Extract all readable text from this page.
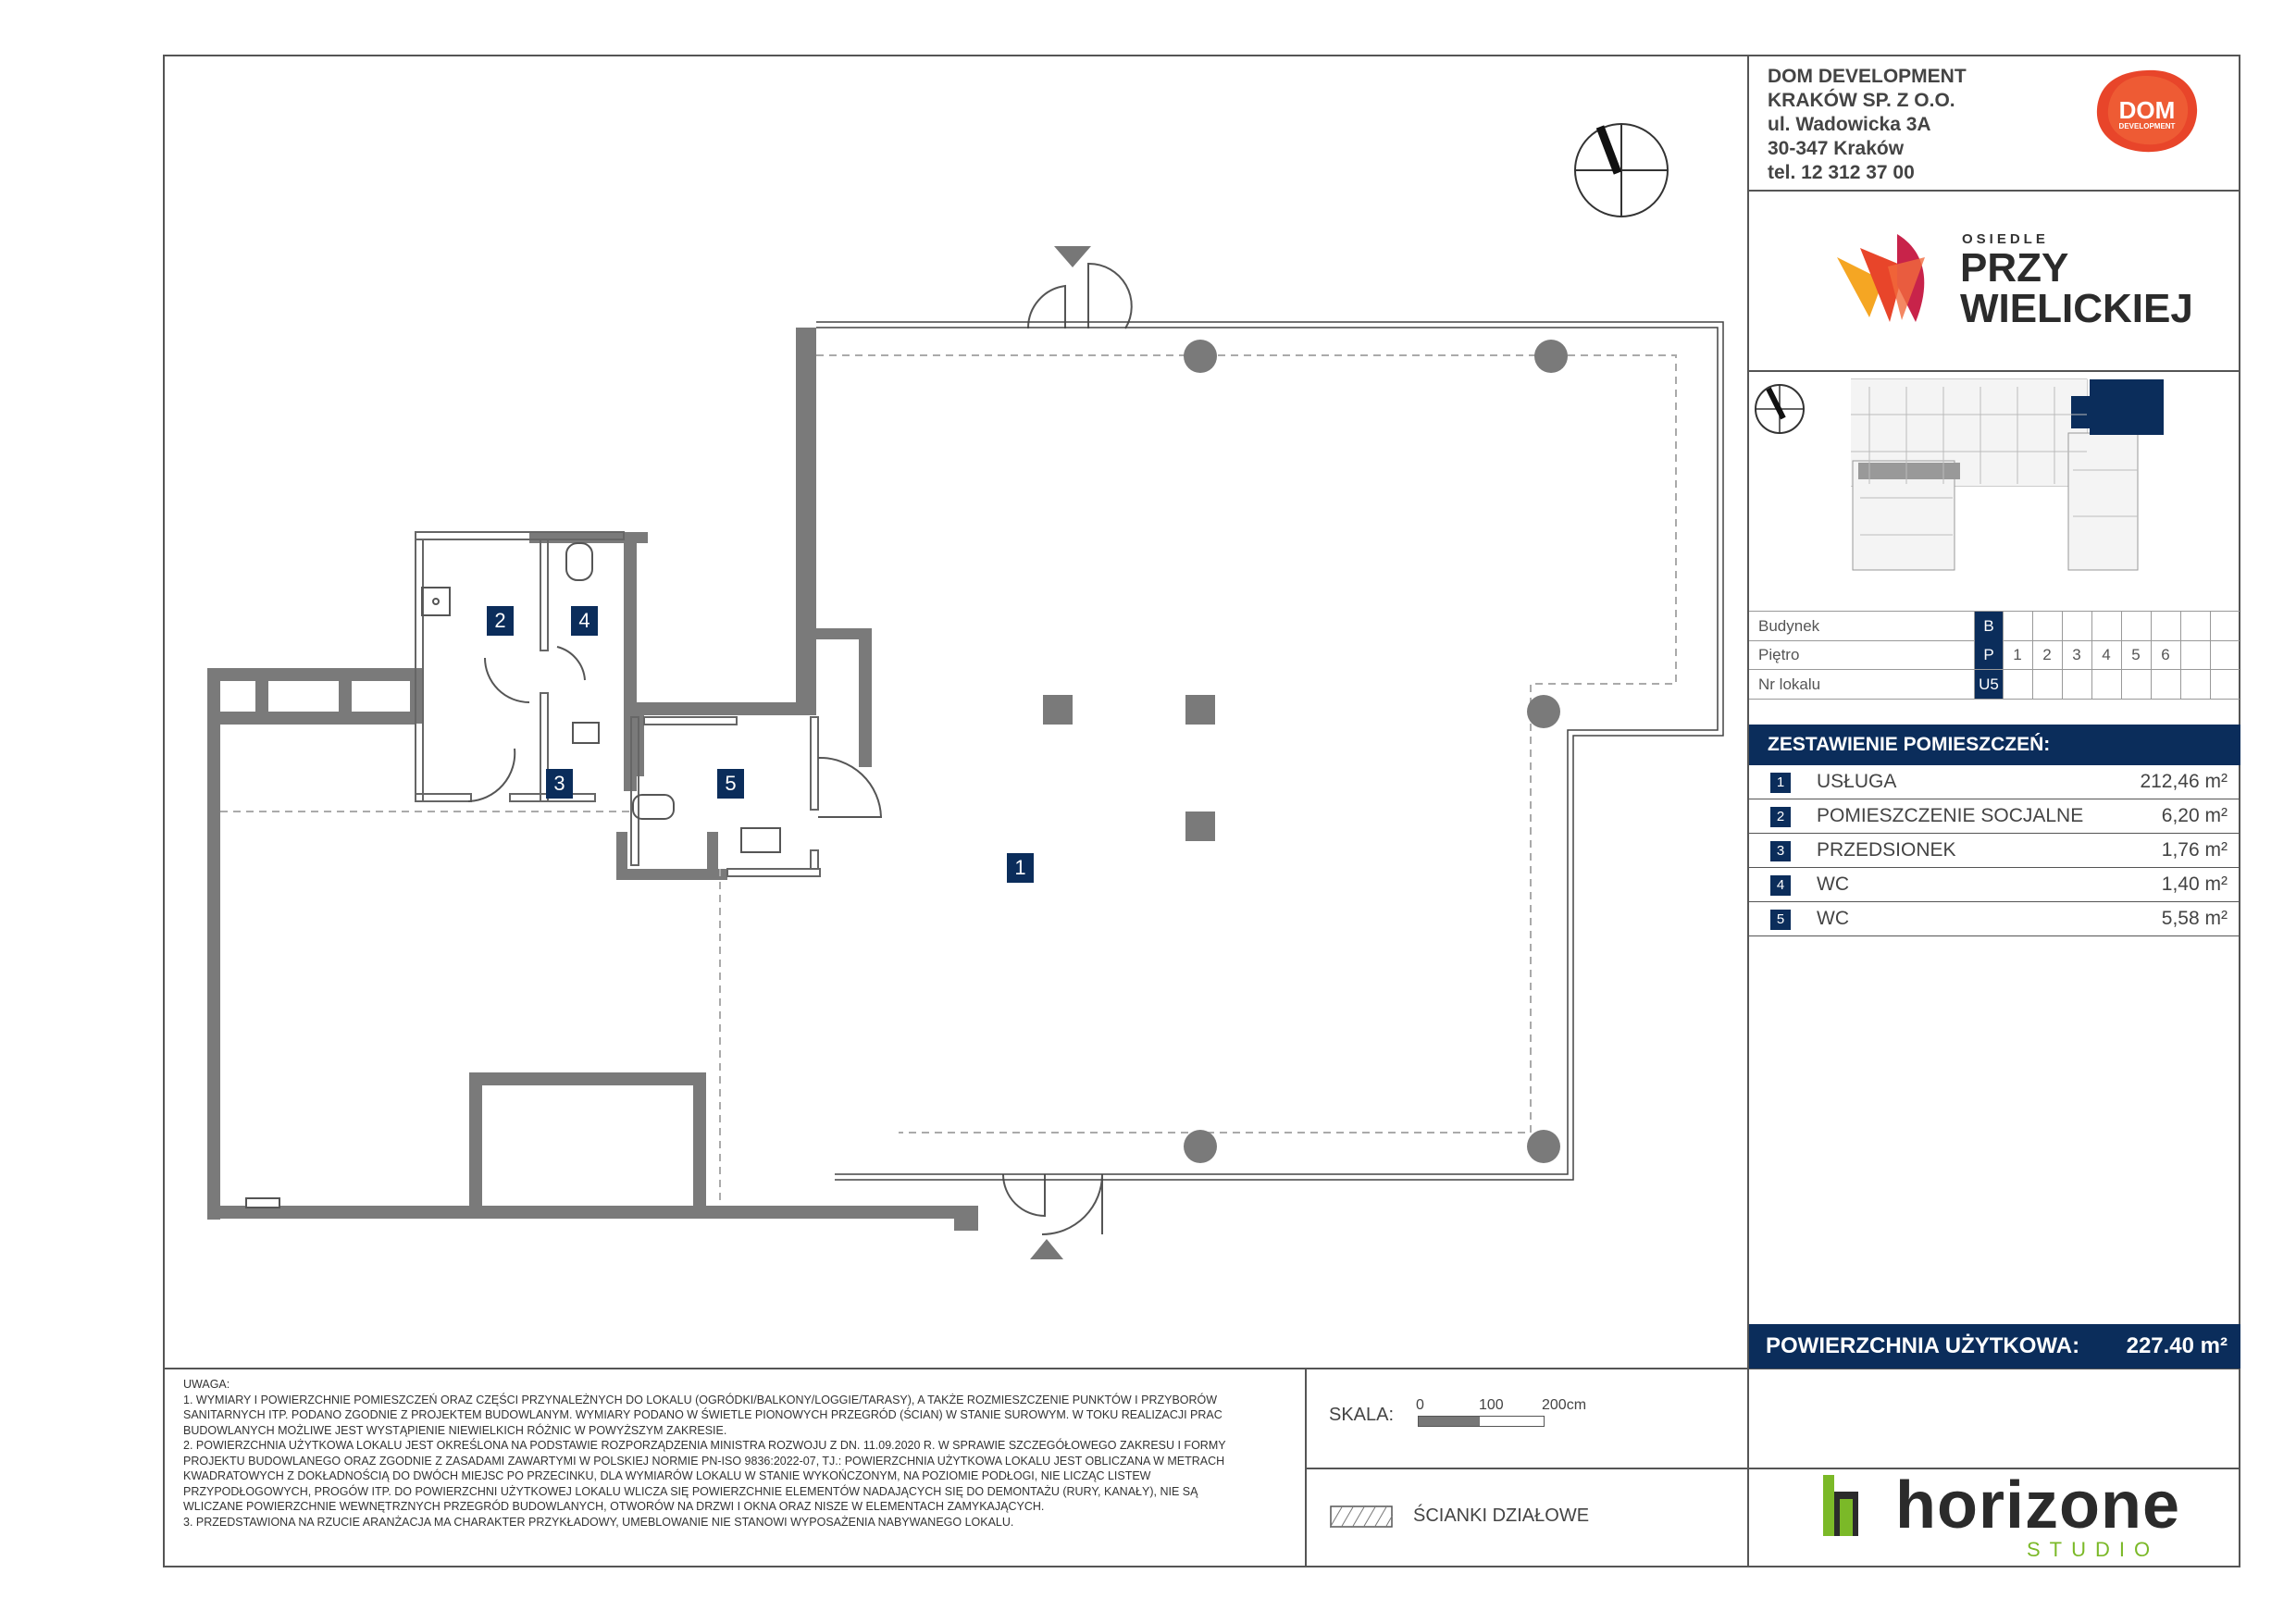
DOM DEVELOPMENT
KRAKÓW SP. Z O.O.
ul. Wadowicka 3A
30-347 Kraków
tel. 12 312 37 00
DOM
DEVELOPMENT
OSIEDLE
PRZY
WIELICKIEJ
Budynek	B
Piętro	P	1	2	3	4	5	6
Nr lokalu	U5
ZESTAWIENIE POMIESZCZEŃ:
1	USŁUGA	212,46 m²
2	POMIESZCZENIE SOCJALNE	6,20 m²
3	PRZEDSIONEK	1,76 m²
4	WC	1,40 m²
5	WC	5,58 m²
POWIERZCHNIA UŻYTKOWA: 227.40 m²
2	4
3	5
1
UWAGA:
1. WYMIARY I POWIERZCHNIE POMIESZCZEŃ ORAZ CZĘŚCI PRZYNALEŻNYCH DO LOKALU (OGRÓDKI/BALKONY/LOGGIE/TARASY), A TAKŻE ROZMIESZCZENIE PUNKTÓW I PRZYBORÓW
SANITARNYCH ITP. PODANO ZGODNIE Z PROJEKTEM BUDOWLANYM. WYMIARY PODANO W ŚWIETLE PIONOWYCH PRZEGRÓD (ŚCIAN) W STANIE SUROWYM. W TOKU REALIZACJI PRAC
BUDOWLANYCH MOŻLIWE JEST WYSTĄPIENIE NIEWIELKICH RÓŻNIC W POWYŻSZYM ZAKRESIE.
2. POWIERZCHNIA UŻYTKOWA LOKALU JEST OKREŚLONA NA PODSTAWIE ROZPORZĄDZENIA MINISTRA ROZWOJU Z DN. 11.09.2020 R. W SPRAWIE SZCZEGÓŁOWEGO ZAKRESU I FORMY
PROJEKTU BUDOWLANEGO ORAZ ZGODNIE Z ZASADAMI ZAWARTYMI W POLSKIEJ NORMIE PN-ISO 9836:2022-07, TJ.: POWIERZCHNIA UŻYTKOWA LOKALU JEST OBLICZANA W METRACH
KWADRATOWYCH Z DOKŁADNOŚCIĄ DO DWÓCH MIEJSC PO PRZECINKU, DLA WYMIARÓW LOKALU W STANIE WYKOŃCZONYM, NA POZIOMIE PODŁOGI, NIE LICZĄC LISTEW
PRZYPODŁOGOWYCH, PROGÓW ITP. DO POWIERZCHNI UŻYTKOWEJ LOKALU WLICZA SIĘ POWIERZCHNIE ELEMENTÓW NADAJĄCYCH SIĘ DO DEMONTAŻU (RURY, KANAŁY), NIE SĄ
WLICZANE POWIERZCHNIE WEWNĘTRZNYCH PRZEGRÓD BUDOWLANYCH, OTWORÓW NA DRZWI I OKNA ORAZ NISZE W ELEMENTACH ZAMYKAJĄCYCH.
3. PRZEDSTAWIONA NA RZUCIE ARANŻACJA MA CHARAKTER PRZYKŁADOWY, UMEBLOWANIE NIE STANOWI WYPOSAŻENIA NABYWANEGO LOKALU.
SKALA: 0	100	200cm
ŚCIANKI DZIAŁOWE	horizone
STUDIO
